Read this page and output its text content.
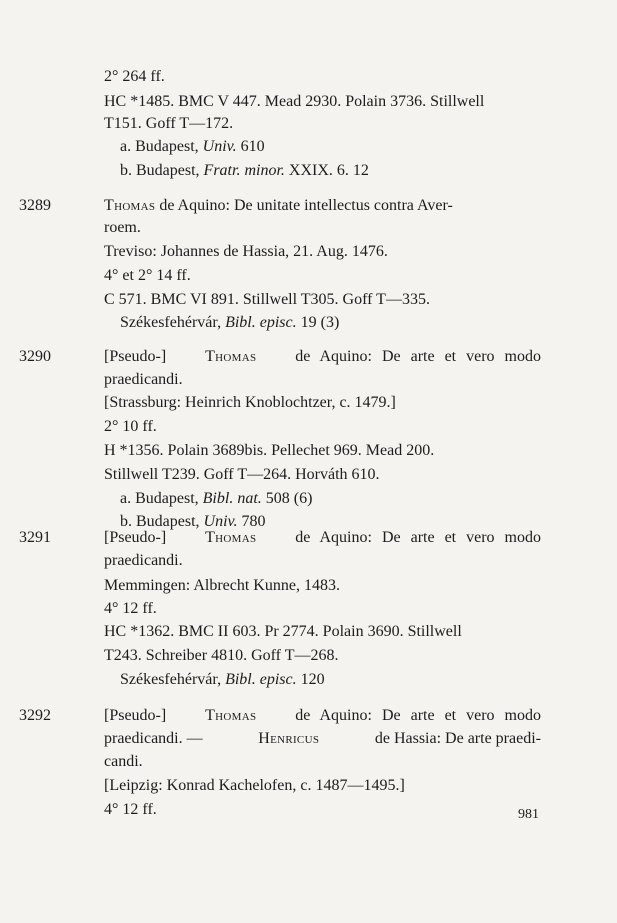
2° 264 ff.
HC *1485. BMC V 447. Mead 2930. Polain 3736. Stillwell
T151. Goff T—172.
a. Budapest, Univ. 610
b. Budapest, Fratr. minor. XXIX. 6. 12
3289	Thomas de Aquino: De unitate intellectus contra Aver-
roem.
Treviso: Johannes de Hassia, 21. Aug. 1476.
4° et 2° 14 ff.
C 571. BMC VI 891. Stillwell T305. Goff T—335.
Székesfehérvár, Bibl. episc. 19 (3)
3290	[Pseudo-] Thomas de Aquino: De arte et vero modo
praedicandi.
[Strassburg: Heinrich Knoblochtzer, c. 1479.]
2° 10 ff.
H *1356. Polain 3689bis. Pellechet 969. Mead 200.
Stillwell T239. Goff T—264. Horváth 610.
a. Budapest, Bibl. nat. 508 (6)
b. Budapest, Univ. 780
3291	[Pseudo-] Thomas de Aquino: De arte et vero modo
praedicandi.
Memmingen: Albrecht Kunne, 1483.
4° 12 ff.
HC *1362. BMC II 603. Pr 2774. Polain 3690. Stillwell
T243. Schreiber 4810. Goff T—268.
Székesfehérvár, Bibl. episc. 120
3292	[Pseudo-] Thomas de Aquino: De arte et vero modo
praedicandi. —	Henricus	de Hassia: De arte praedi-
candi.
[Leipzig: Konrad Kachelofen, c. 1487—1495.]
4° 12 ff.	981
